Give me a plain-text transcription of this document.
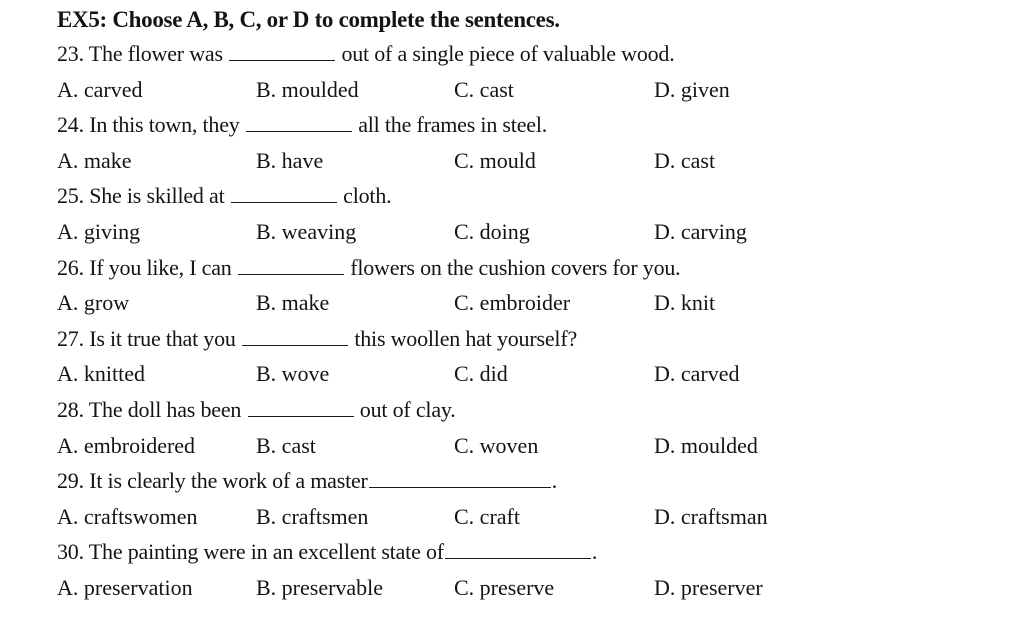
EX5: Choose A, B, C, or D to complete the sentences.
23. The flower was	out of a single piece of valuable wood.
A. carved	B. moulded	C. cast	D. given
24. In this town, they	all the frames in steel.
A. make	B. have	C. mould	D. cast
25. She is skilled at	cloth.
A. giving	B. weaving	C. doing	D. carving
26. If you like, I can	flowers on the cushion covers for you.
A. grow	B. make	C. embroider	D. knit
27. Is it true that you	this woollen hat yourself?
A. knitted	B. wove	C. did	D. carved
28. The doll has been	out of clay.
A. embroidered	B. cast	C. woven	D. moulded
29. It is clearly the work of a master	.
A. craftswomen	B. craftsmen	C. craft	D. craftsman
30. The painting were in an excellent state of	.
A. preservation	B. preservable	C. preserve	D. preserver
